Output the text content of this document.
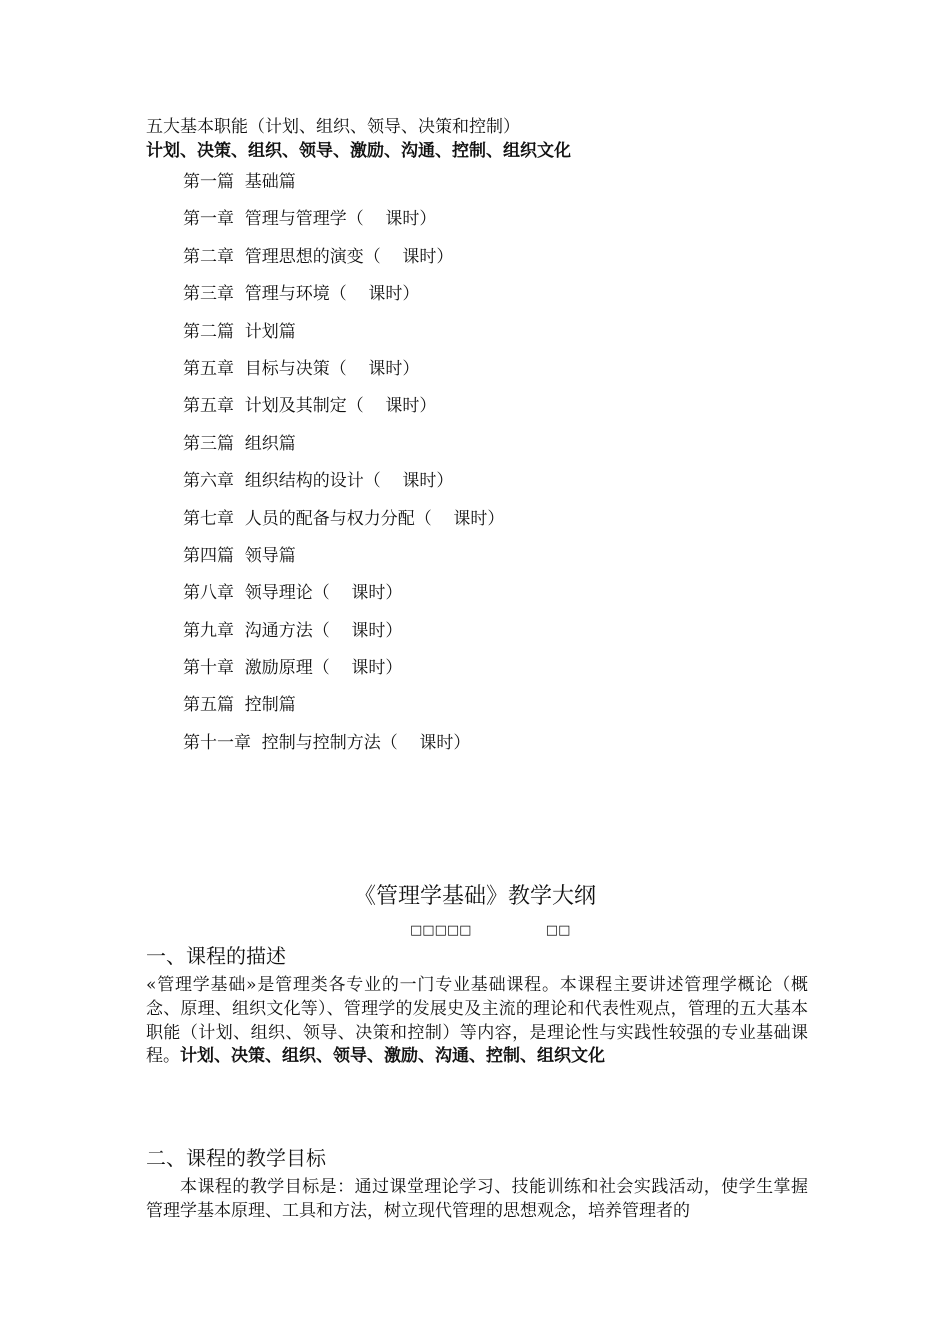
五大基本职能（计划、组织、领导、决策和控制）
计划、决策、组织、领导、激励、沟通、控制、组织文化
第一篇  基础篇
第一章  管理与管理学（    课时）
第二章  管理思想的演变（    课时）
第三章  管理与环境（    课时）
第二篇  计划篇
第五章  目标与决策（    课时）
第五章  计划及其制定（    课时）
第三篇  组织篇
第六章  组织结构的设计（    课时）
第七章  人员的配备与权力分配（    课时）
第四篇  领导篇
第八章  领导理论（    课时）
第九章  沟通方法（    课时）
第十章  激励原理（    课时）
第五篇  控制篇
第十一章  控制与控制方法（    课时）
《管理学基础》教学大纲
□□□□□                  □□
一、课程的描述
«管理学基础»是管理类各专业的一门专业基础课程。本课程主要讲述管理学概论（概念、原理、组织文化等）、管理学的发展史及主流的理论和代表性观点，管理的五大基本职能（计划、组织、领导、决策和控制）等内容，是理论性与实践性较强的专业基础课程。计划、决策、组织、领导、激励、沟通、控制、组织文化
二、课程的教学目标
本课程的教学目标是：通过课堂理论学习、技能训练和社会实践活动，使学生掌握管理学基本原理、工具和方法，树立现代管理的思想观念，培养管理者的
